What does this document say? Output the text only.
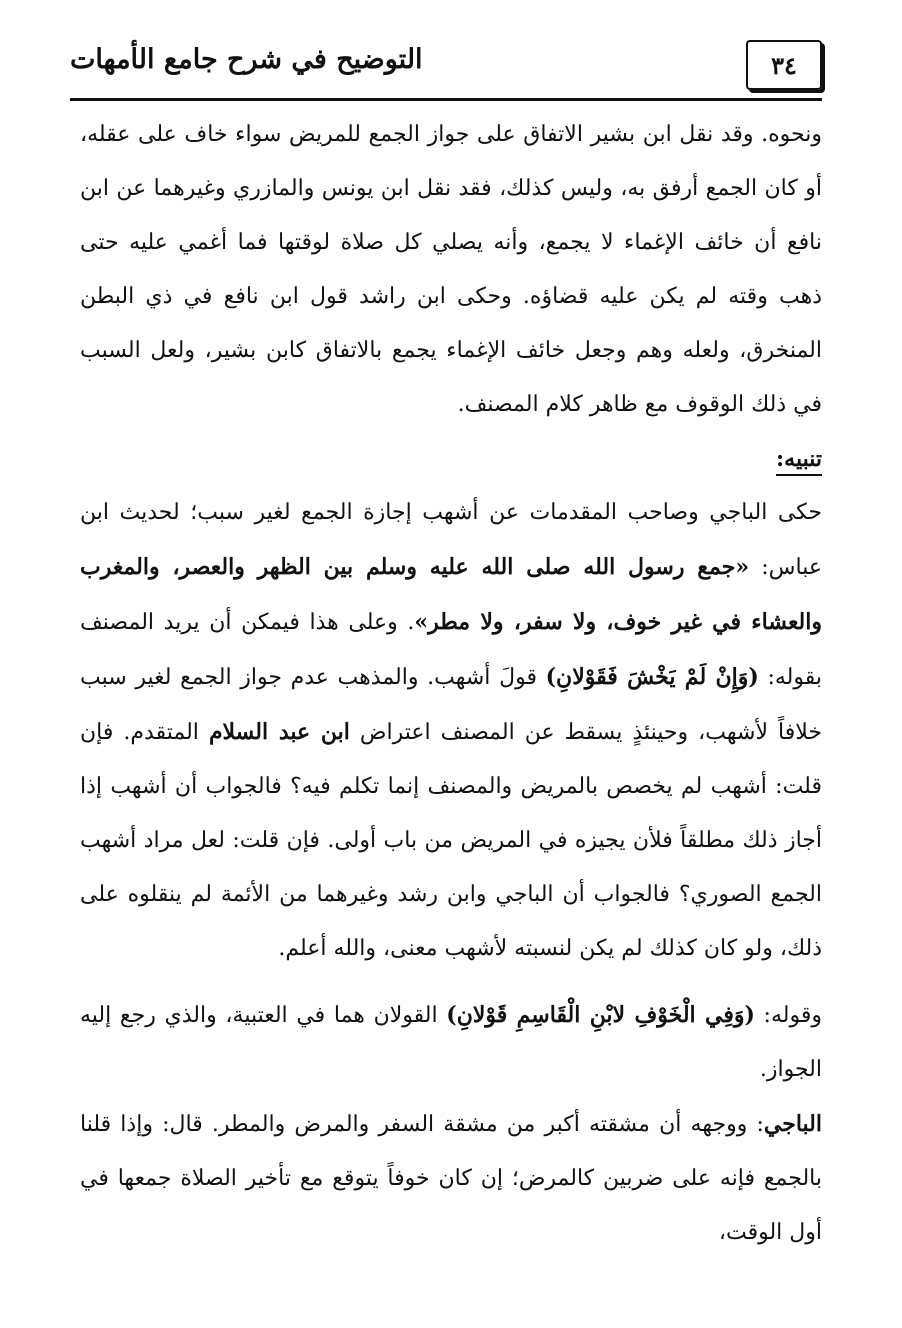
٣٤
التوضيح في شرح جامع الأمهات

ونحوه. وقد نقل ابن بشير الاتفاق على جواز الجمع للمريض سواء خاف على عقله، أو كان الجمع أرفق به، وليس كذلك، فقد نقل ابن يونس والمازري وغيرهما عن ابن نافع أن خائف الإغماء لا يجمع، وأنه يصلي كل صلاة لوقتها فما أغمي عليه حتى ذهب وقته لم يكن عليه قضاؤه. وحكى ابن راشد قول ابن نافع في ذي البطن المنخرق، ولعله وهم وجعل خائف الإغماء يجمع بالاتفاق كابن بشير، ولعل السبب في ذلك الوقوف مع ظاهر كلام المصنف.

تنبيه:

حكى الباجي وصاحب المقدمات عن أشهب إجازة الجمع لغير سبب؛ لحديث ابن عباس: «جمع رسول الله صلى الله عليه وسلم بين الظهر والعصر، والمغرب والعشاء في غير خوف، ولا سفر، ولا مطر». وعلى هذا فيمكن أن يريد المصنف بقوله: (وَإِنْ لَمْ يَخْشَ فَقَوْلانِ) قولَ أشهب. والمذهب عدم جواز الجمع لغير سبب خلافاً لأشهب، وحينئذٍ يسقط عن المصنف اعتراض ابن عبد السلام المتقدم. فإن قلت: أشهب لم يخصص بالمريض والمصنف إنما تكلم فيه؟ فالجواب أن أشهب إذا أجاز ذلك مطلقاً فلأن يجيزه في المريض من باب أولى. فإن قلت: لعل مراد أشهب الجمع الصوري؟ فالجواب أن الباجي وابن رشد وغيرهما من الأئمة لم ينقلوه على ذلك، ولو كان كذلك لم يكن لنسبته لأشهب معنى، والله أعلم.

وقوله: (وَفِي الْخَوْفِ لابْنِ الْقَاسِمِ قَوْلانِ) القولان هما في العتبية، والذي رجع إليه الجواز.

الباجي: ووجهه أن مشقته أكبر من مشقة السفر والمرض والمطر. قال: وإذا قلنا بالجمع فإنه على ضربين كالمرض؛ إن كان خوفاً يتوقع مع تأخير الصلاة جمعها في أول الوقت،
